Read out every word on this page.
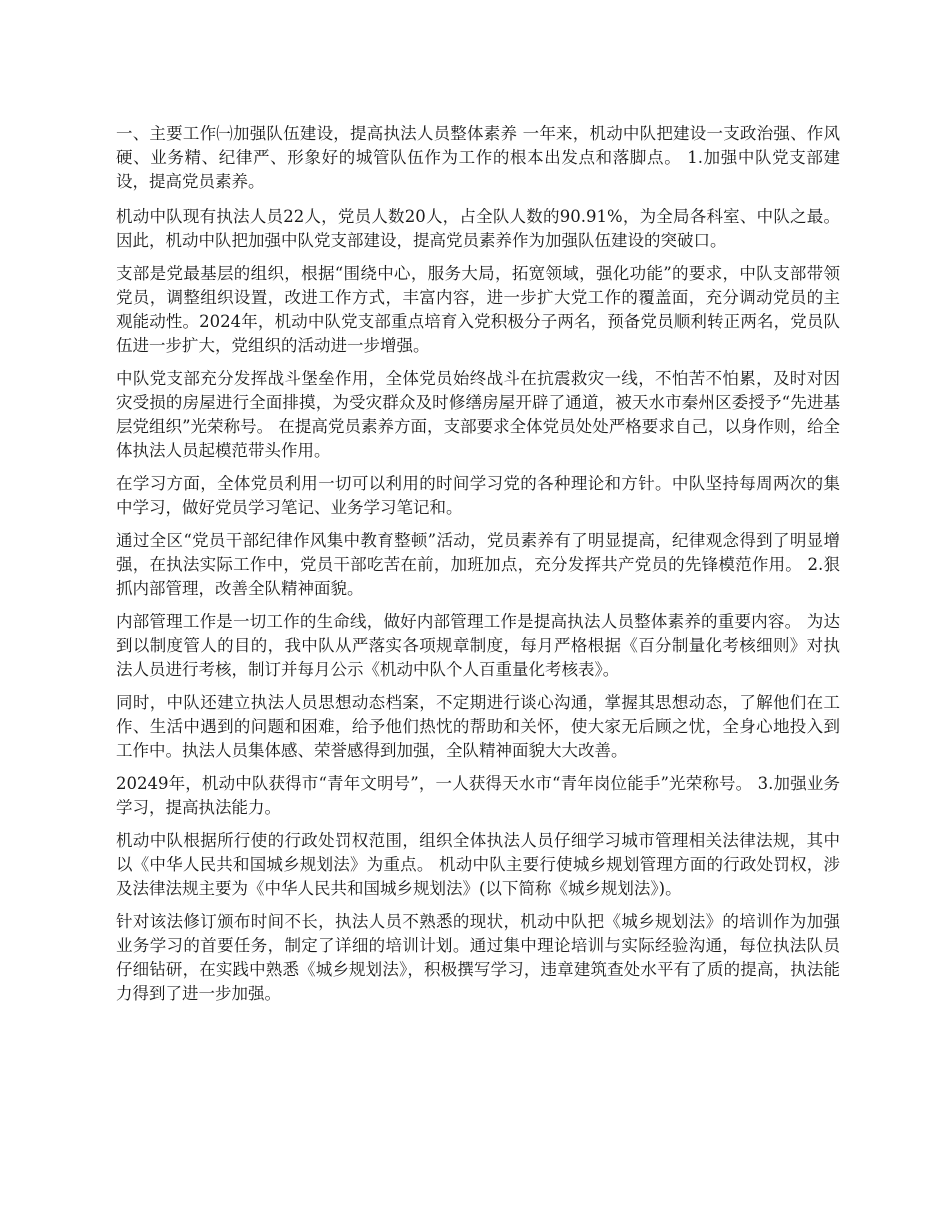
一、主要工作㈠加强队伍建设，提高执法人员整体素养 一年来，机动中队把建设一支政治强、作风硬、业务精、纪律严、形象好的城管队伍作为工作的根本出发点和落脚点。 1.加强中队党支部建设，提高党员素养。

机动中队现有执法人员22人，党员人数20人，占全队人数的90.91%，为全局各科室、中队之最。因此，机动中队把加强中队党支部建设，提高党员素养作为加强队伍建设的突破口。

支部是党最基层的组织，根据“围绕中心，服务大局，拓宽领域，强化功能”的要求，中队支部带领党员，调整组织设置，改进工作方式，丰富内容，进一步扩大党工作的覆盖面，充分调动党员的主观能动性。2024年，机动中队党支部重点培育入党积极分子两名，预备党员顺利转正两名，党员队伍进一步扩大，党组织的活动进一步增强。

中队党支部充分发挥战斗堡垒作用，全体党员始终战斗在抗震救灾一线，不怕苦不怕累，及时对因灾受损的房屋进行全面排摸，为受灾群众及时修缮房屋开辟了通道，被天水市秦州区委授予“先进基层党组织”光荣称号。 在提高党员素养方面，支部要求全体党员处处严格要求自己，以身作则，给全体执法人员起模范带头作用。

在学习方面，全体党员利用一切可以利用的时间学习党的各种理论和方针。中队坚持每周两次的集中学习，做好党员学习笔记、业务学习笔记和。

通过全区“党员干部纪律作风集中教育整顿”活动，党员素养有了明显提高，纪律观念得到了明显增强，在执法实际工作中，党员干部吃苦在前，加班加点，充分发挥共产党员的先锋模范作用。 2.狠抓内部管理，改善全队精神面貌。

内部管理工作是一切工作的生命线，做好内部管理工作是提高执法人员整体素养的重要内容。 为达到以制度管人的目的，我中队从严落实各项规章制度，每月严格根据《百分制量化考核细则》对执法人员进行考核，制订并每月公示《机动中队个人百重量化考核表》。

同时，中队还建立执法人员思想动态档案，不定期进行谈心沟通，掌握其思想动态，了解他们在工作、生活中遇到的问题和困难，给予他们热忱的帮助和关怀，使大家无后顾之忧，全身心地投入到工作中。执法人员集体感、荣誉感得到加强，全队精神面貌大大改善。

20249年，机动中队获得市“青年文明号”，一人获得天水市“青年岗位能手”光荣称号。 3.加强业务学习，提高执法能力。

机动中队根据所行使的行政处罚权范围，组织全体执法人员仔细学习城市管理相关法律法规，其中以《中华人民共和国城乡规划法》为重点。 机动中队主要行使城乡规划管理方面的行政处罚权，涉及法律法规主要为《中华人民共和国城乡规划法》(以下简称《城乡规划法》)。

针对该法修订颁布时间不长，执法人员不熟悉的现状，机动中队把《城乡规划法》的培训作为加强业务学习的首要任务，制定了详细的培训计划。通过集中理论培训与实际经验沟通，每位执法队员仔细钻研，在实践中熟悉《城乡规划法》，积极撰写学习，违章建筑查处水平有了质的提高，执法能力得到了进一步加强。
